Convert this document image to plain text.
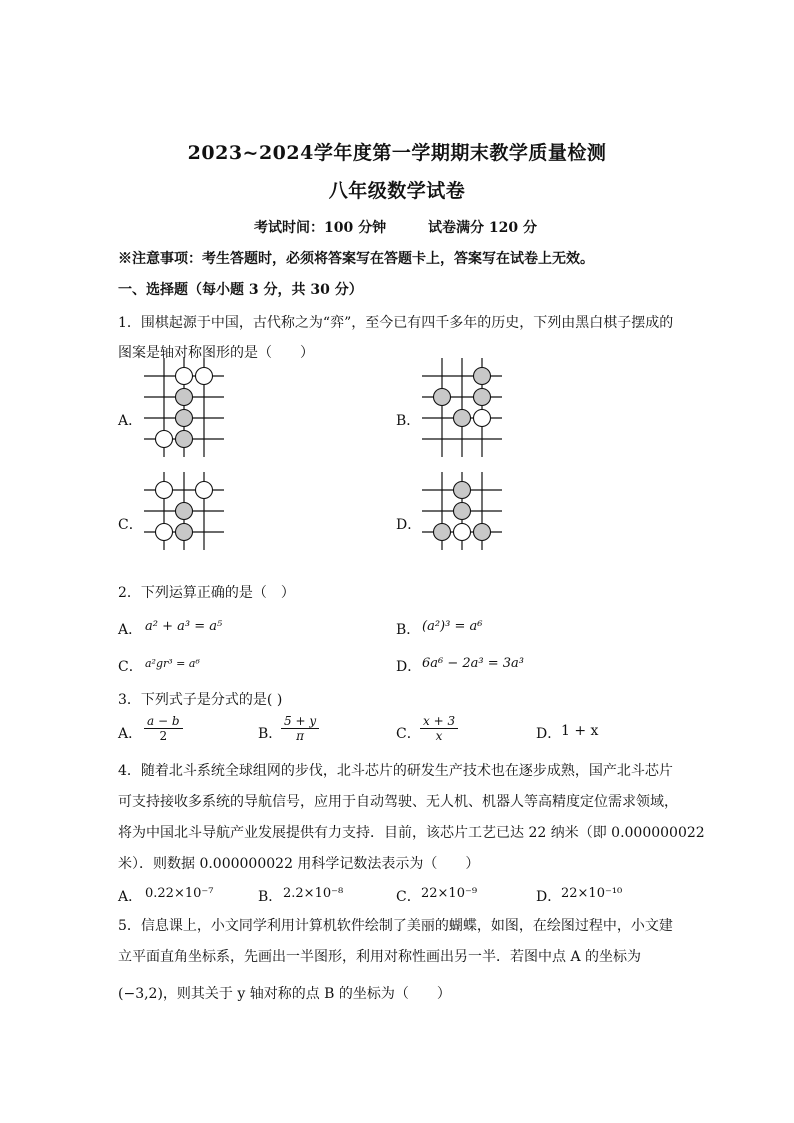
2023~2024学年度第一学期期末教学质量检测
八年级数学试卷
考试时间：100 分钟	试卷满分 120 分
※注意事项：考生答题时，必须将答案写在答题卡上，答案写在试卷上无效。
一、选择题（每小题 3 分，共 30 分）
1．围棋起源于中国，古代称之为“弈”，至今已有四千多年的历史，下列由黑白棋子摆成的
图案是轴对称图形的是（　　）
A．	B．
C．	D．
2．下列运算正确的是（　）
A． a² + a³ = a⁵	B． (a²)³ = a⁶
C． a²gr³ = a⁶	D． 6a⁶ − 2a³ = 3a³
3．下列式子是分式的是( )
A． $\frac{a - b}{2}$	B．
$\frac{5 + y}{\pi}$	C． $\frac{x + 3}{x}$	D． 1 + x
4．随着北斗系统全球组网的步伐，北斗芯片的研发生产技术也在逐步成熟，国产北斗芯片
可支持接收多系统的导航信号，应用于自动驾驶、无人机、机器人等高精度定位需求领域，
将为中国北斗导航产业发展提供有力支持．目前，该芯片工艺已达 22 纳米（即 0.000000022
米）．则数据 0.000000022 用科学记数法表示为（　　）
A． 0.22×10⁻⁷	B． 2.2×10⁻⁸	C． 22×10⁻⁹	D． 22×10⁻¹⁰
5．信息课上，小文同学利用计算机软件绘制了美丽的蝴蝶，如图，在绘图过程中，小文建
立平面直角坐标系，先画出一半图形，利用对称性画出另一半．若图中点 A 的坐标为
(−3,2)，则其关于 y 轴对称的点 B 的坐标为（　　）
